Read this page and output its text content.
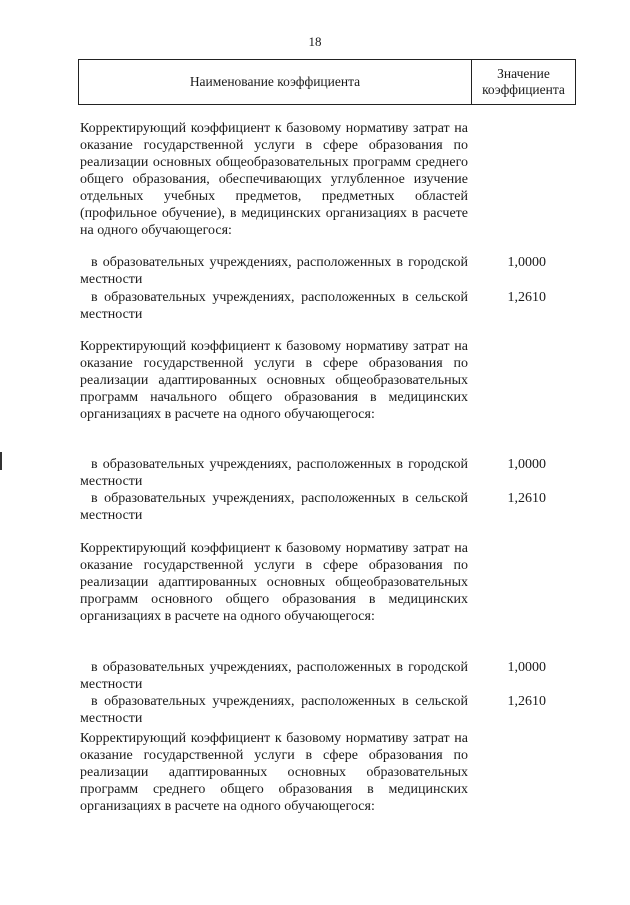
18
Наименование коэффициента
Значение
коэффициента
Корректирующий коэффициент к базовому нормативу затрат на оказание государственной услуги в сфере образования по реализации основных общеобразовательных программ среднего общего образования, обеспечивающих углубленное изучение отдельных учебных предметов, предметных областей (профильное обучение), в медицинских организациях в расчете на одного обучающегося:
в образовательных учреждениях, расположенных в городской местности
1,0000
в образовательных учреждениях, расположенных в сельской местности
1,2610
Корректирующий коэффициент к базовому нормативу затрат на оказание государственной услуги в сфере образования по реализации адаптированных основных общеобразовательных программ начального общего образования в медицинских организациях в расчете на одного обучающегося:
в образовательных учреждениях, расположенных в городской местности
1,0000
в образовательных учреждениях, расположенных в сельской местности
1,2610
Корректирующий коэффициент к базовому нормативу затрат на оказание государственной услуги в сфере образования по реализации адаптированных основных общеобразовательных программ основного общего образования в медицинских организациях в расчете на одного обучающегося:
в образовательных учреждениях, расположенных в городской местности
1,0000
в образовательных учреждениях, расположенных в сельской местности
1,2610
Корректирующий коэффициент к базовому нормативу затрат на оказание государственной услуги в сфере образования по реализации адаптированных основных образовательных программ среднего общего образования в медицинских организациях в расчете на одного обучающегося:
